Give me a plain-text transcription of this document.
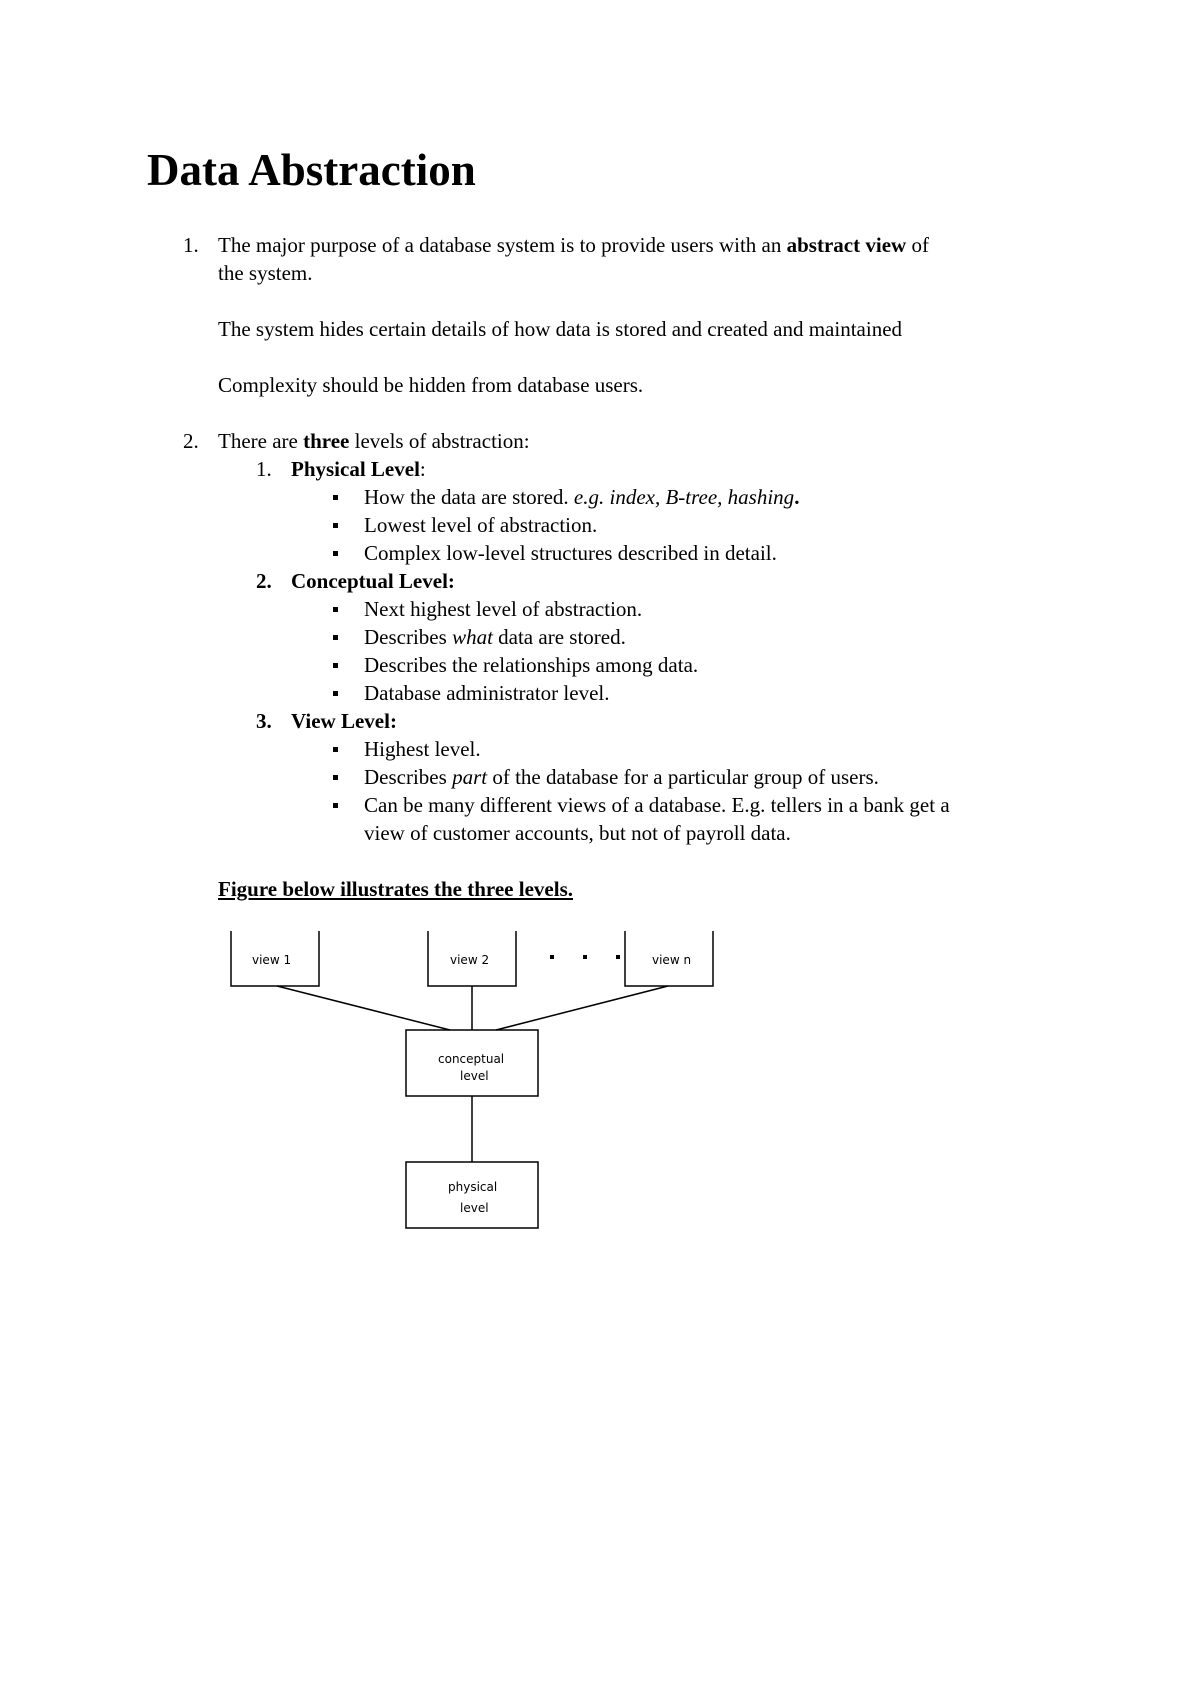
Data Abstraction
1. The major purpose of a database system is to provide users with an abstract view of
the system.
The system hides certain details of how data is stored and created and maintained
Complexity should be hidden from database users.
2. There are three levels of abstraction:
1. Physical Level:
How the data are stored. e.g. index, B-tree, hashing.
Lowest level of abstraction.
Complex low-level structures described in detail.
2. Conceptual Level:
Next highest level of abstraction.
Describes what data are stored.
Describes the relationships among data.
Database administrator level.
3. View Level:
Highest level.
Describes part of the database for a particular group of users.
Can be many different views of a database. E.g. tellers in a bank get a
view of customer accounts, but not of payroll data.
Figure below illustrates the three levels.
view 1	view 2	view n
conceptual
level
physical
level
